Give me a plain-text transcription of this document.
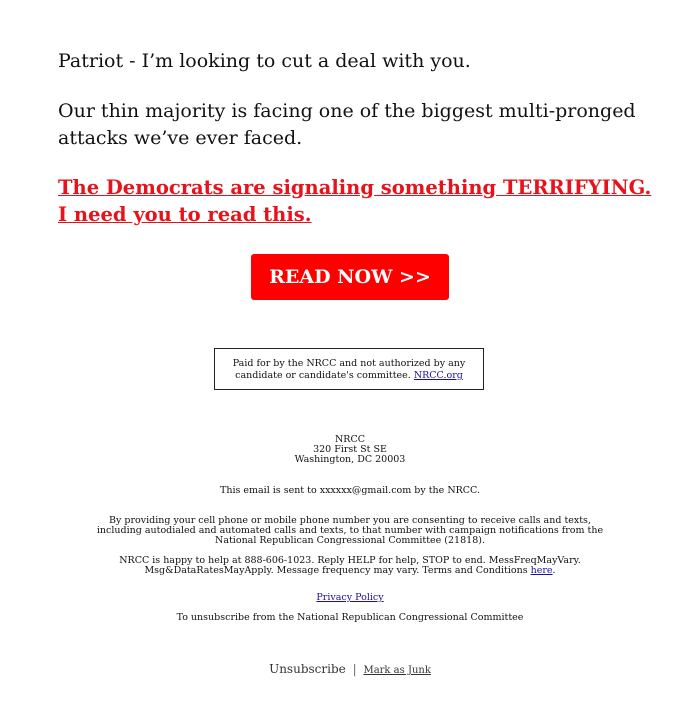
Patriot - I’m looking to cut a deal with you.
Our thin majority is facing one of the biggest multi-pronged attacks we’ve ever faced.
The Democrats are signaling something TERRIFYING. I need you to read this.
READ NOW >>
Paid for by the NRCC and not authorized by any candidate or candidate's committee. NRCC.org
NRCC
320 First St SE
Washington, DC 20003
This email is sent to xxxxxx@gmail.com by the NRCC.
By providing your cell phone or mobile phone number you are consenting to receive calls and texts, including autodialed and automated calls and texts, to that number with campaign notifications from the National Republican Congressional Committee (21818).
NRCC is happy to help at 888-606-1023. Reply HELP for help, STOP to end. MessFreqMayVary. Msg&DataRatesMayApply. Message frequency may vary. Terms and Conditions here.
Privacy Policy
To unsubscribe from the National Republican Congressional Committee
Unsubscribe | Mark as Junk
